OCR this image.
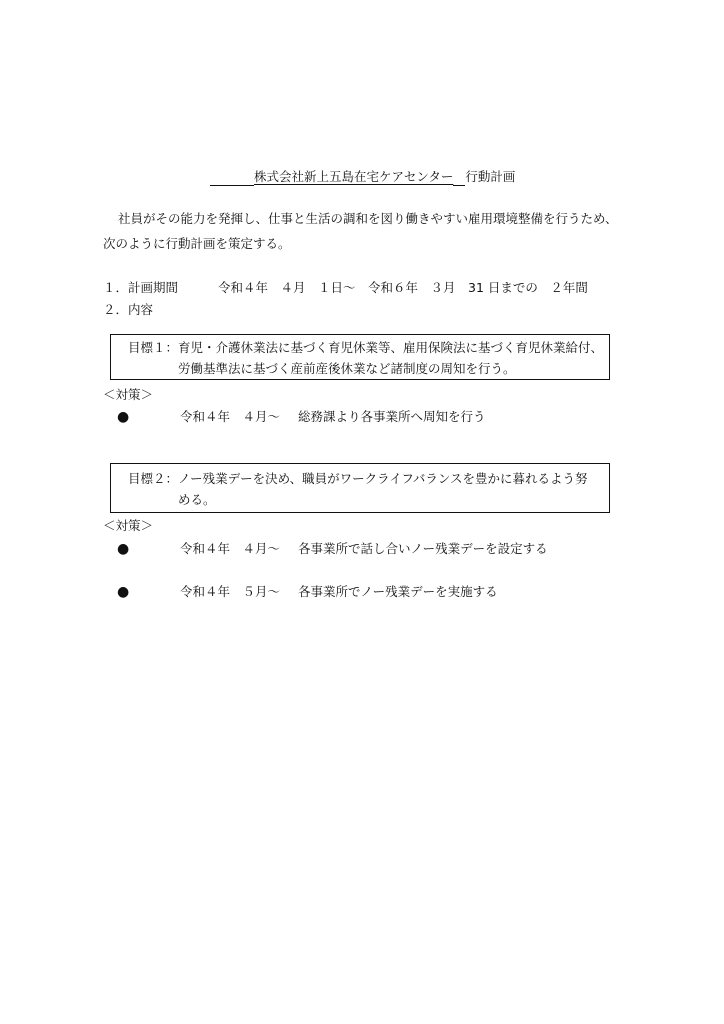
株式会社新上五島在宅ケアセンター 行動計画
社員がその能力を発揮し、仕事と生活の調和を図り働きやすい雇用環境整備を行うため、
次のように行動計画を策定する。
１．計画期間	令和４年　４月　１日～　令和６年　３月　31 日までの　２年間
２．内容
目標１：育児・介護休業法に基づく育児休業等、雇用保険法に基づく育児休業給付、
労働基準法に基づく産前産後休業など諸制度の周知を行う。
＜対策＞
●	令和４年　４月～ 総務課より各事業所へ周知を行う
目標２：ノー残業デーを決め、職員がワークライフバランスを豊かに暮れるよう努
める。
＜対策＞
●	令和４年　４月～ 各事業所で話し合いノー残業デーを設定する
●	令和４年　５月～ 各事業所でノー残業デーを実施する
